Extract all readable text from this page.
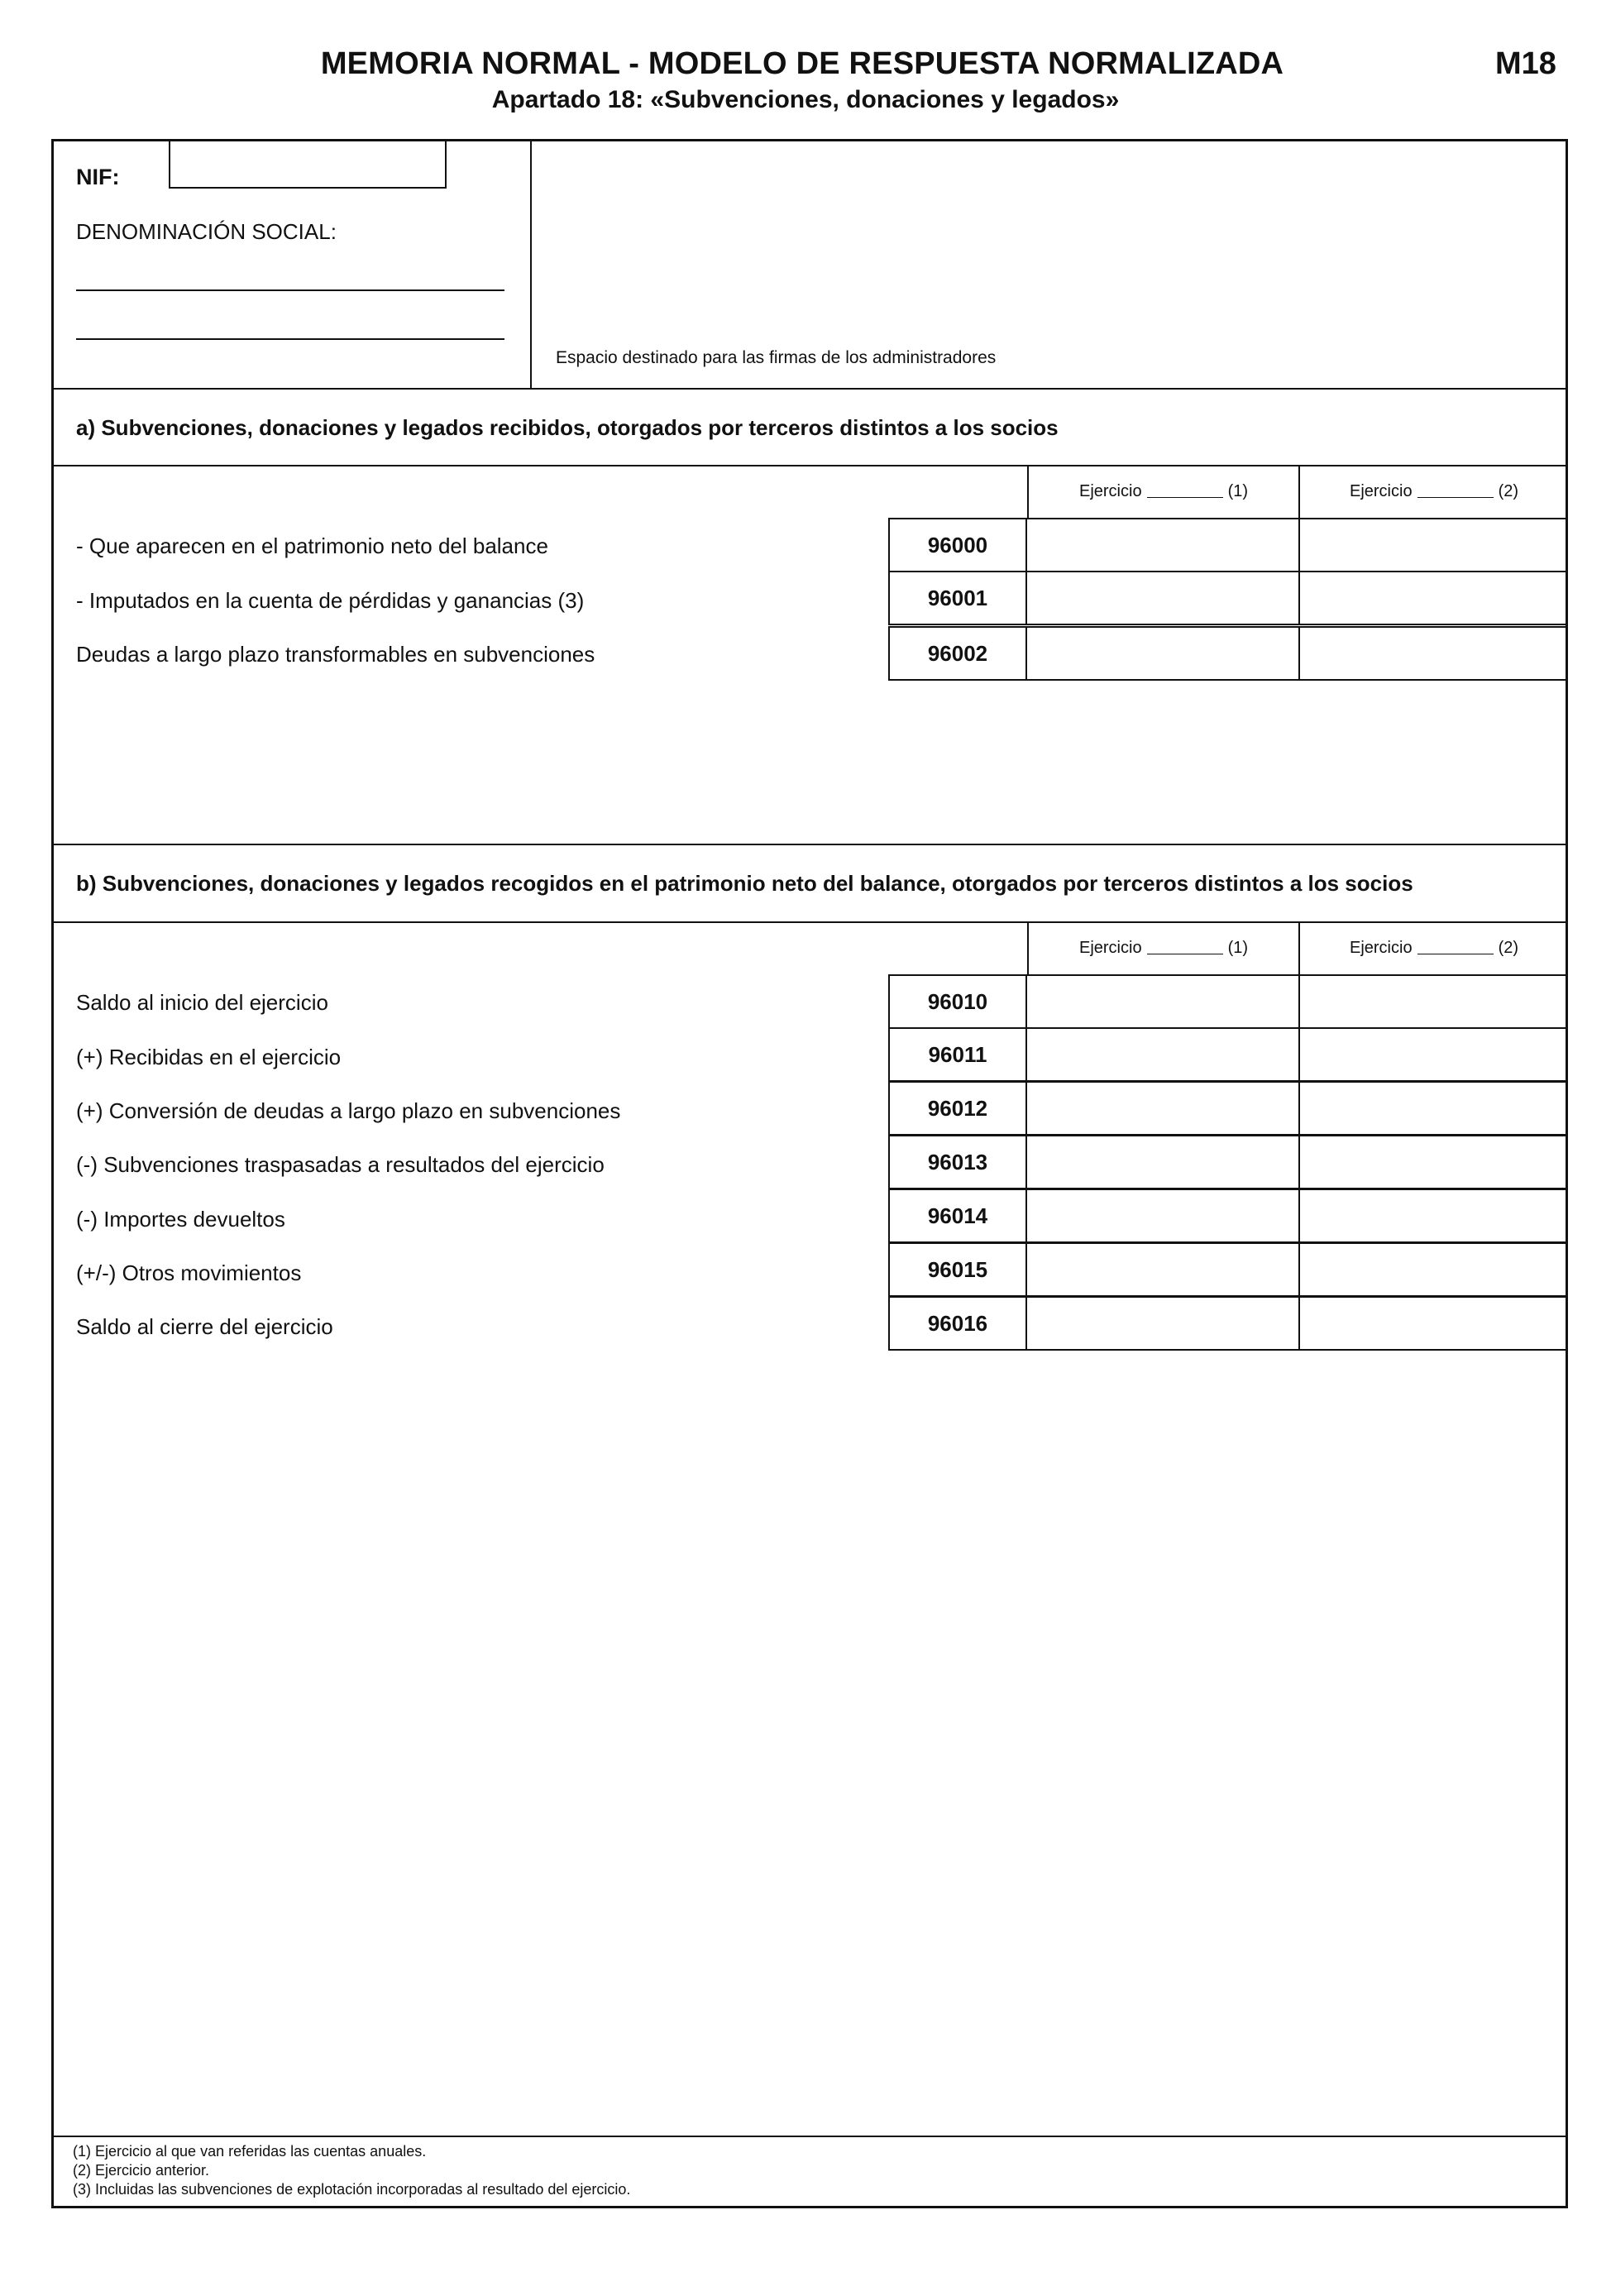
MEMORIA NORMAL - MODELO DE RESPUESTA NORMALIZADA	M18
Apartado 18: «Subvenciones, donaciones y legados»
NIF:
DENOMINACIÓN SOCIAL:
Espacio destinado para las firmas de los administradores
a) Subvenciones, donaciones y legados recibidos, otorgados por terceros distintos a los socios
Ejercicio	(1)	Ejercicio	(2)
- Que aparecen en el patrimonio neto del balance	96000
- Imputados en la cuenta de pérdidas y ganancias (3)	96001
Deudas a largo plazo transformables en subvenciones	96002
b) Subvenciones, donaciones y legados recogidos en el patrimonio neto del balance, otorgados por terceros distintos a los socios
Ejercicio	(1)	Ejercicio	(2)
Saldo al inicio del ejercicio	96010
(+) Recibidas en el ejercicio	96011
(+) Conversión de deudas a largo plazo en subvenciones	96012
(-) Subvenciones traspasadas a resultados del ejercicio	96013
(-) Importes devueltos	96014
(+/-) Otros movimientos	96015
Saldo al cierre del ejercicio	96016
(1) Ejercicio al que van referidas las cuentas anuales.
(2) Ejercicio anterior.
(3) Incluidas las subvenciones de explotación incorporadas al resultado del ejercicio.
